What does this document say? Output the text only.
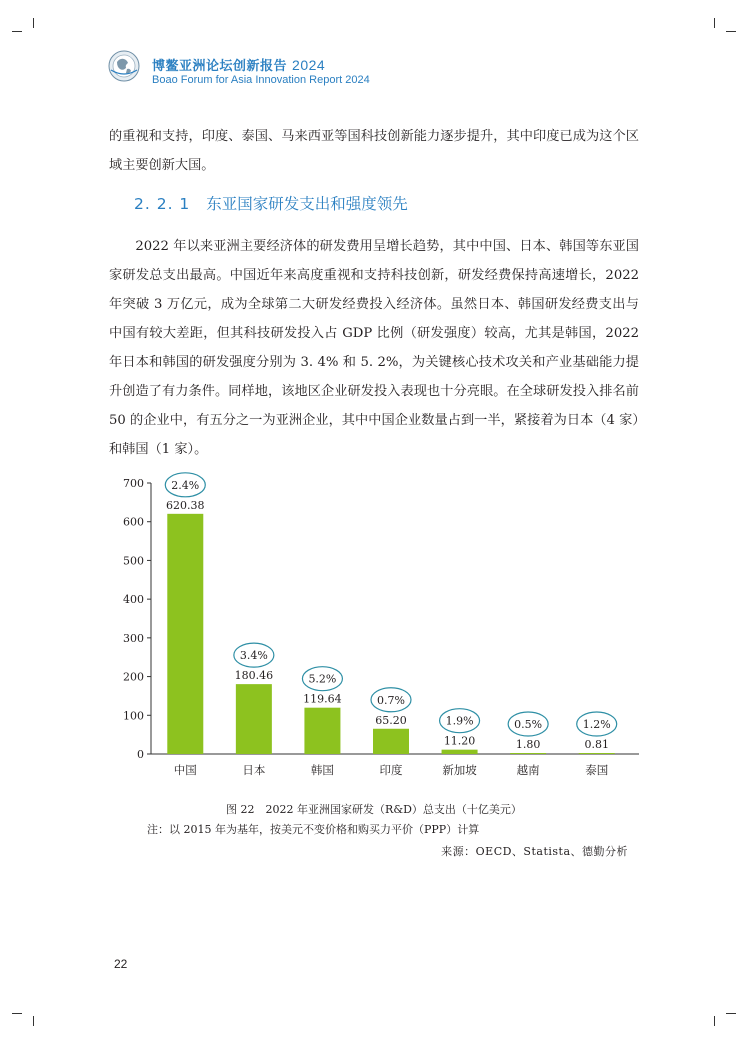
博鳌亚洲论坛创新报告 2024
Boao Forum for Asia Innovation Report 2024
的重视和支持，印度、泰国、马来西亚等国科技创新能力逐步提升，其中印度已成为这个区域主要创新大国。
2. 2. 1 东亚国家研发支出和强度领先
2022 年以来亚洲主要经济体的研发费用呈增长趋势，其中中国、日本、韩国等东亚国家研发总支出最高。中国近年来高度重视和支持科技创新，研发经费保持高速增长，2022 年突破 3 万亿元，成为全球第二大研发经费投入经济体。虽然日本、韩国研发经费支出与中国有较大差距，但其科技研发投入占 GDP 比例（研发强度）较高，尤其是韩国，2022 年日本和韩国的研发强度分别为 3. 4% 和 5. 2%，为关键核心技术攻关和产业基础能力提升创造了有力条件。同样地，该地区企业研发投入表现也十分亮眼。在全球研发投入排名前 50 的企业中，有五分之一为亚洲企业，其中中国企业数量占到一半，紧接着为日本（4 家）和韩国（1 家）。
0
100
200
300
400
500
600
700
620.38
2.4%
中国
180.46
3.4%
日本
119.64
5.2%
韩国
65.20
0.7%
印度
11.20
1.9%
新加坡
1.80
0.5%
越南
0.81
1.2%
泰国
图 22　2022 年亚洲国家研发（R&D）总支出（十亿美元）
注：以 2015 年为基年，按美元不变价格和购买力平价（PPP）计算
来源：OECD、Statista、德勤分析
22
